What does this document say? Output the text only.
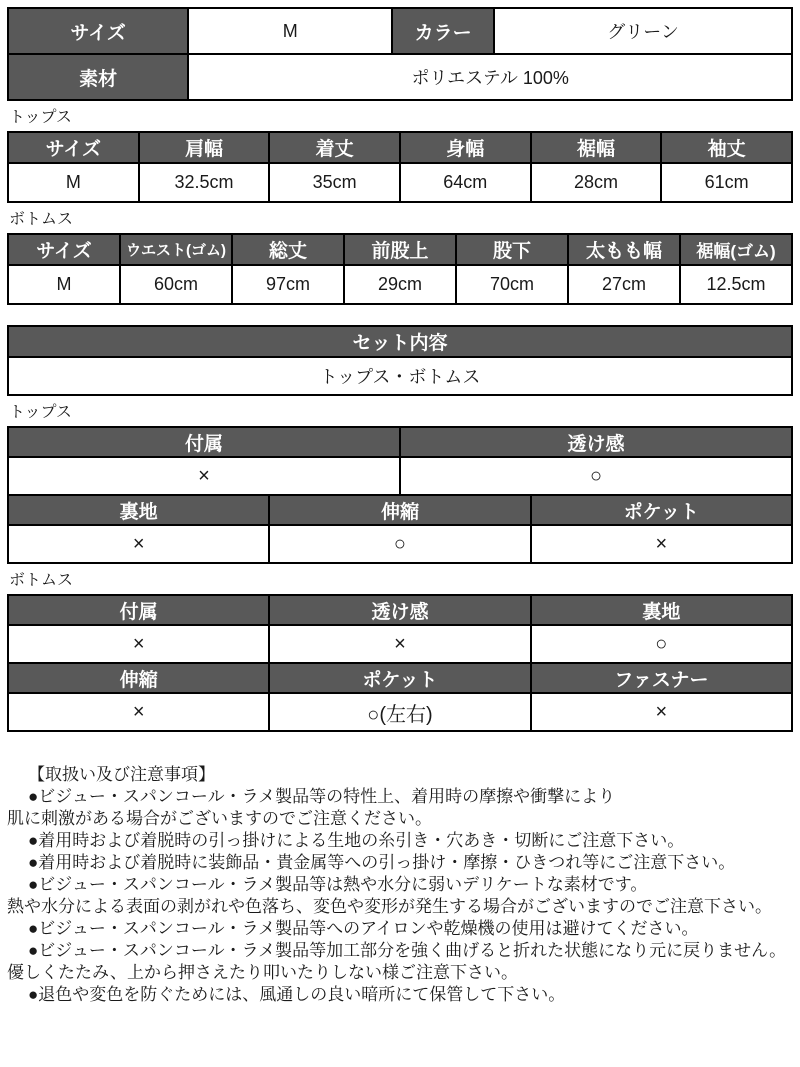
サイズ	M	カラー	グリーン
素材	ポリエステル 100%		
トップス
サイズ	肩幅	着丈	身幅	裾幅	袖丈
M	32.5cm	35cm	64cm	28cm	61cm
ボトムス
サイズ	ウエスト(ゴム)	総丈	前股上	股下	太もも幅	裾幅(ゴム)
M	60cm	97cm	29cm	70cm	27cm	12.5cm
セット内容
トップス・ボトムス
トップス
付属		透け感	
×		○	
裏地	伸縮		ポケット
×	○		×
ボトムス
付属	透け感	裏地
×	×	○
伸縮	ポケット	ファスナー
×	○(左右)	×
【取扱い及び注意事項】
●ビジュー・スパンコール・ラメ製品等の特性上、着用時の摩擦や衝撃により
肌に刺激がある場合がございますのでご注意ください。
●着用時および着脱時の引っ掛けによる生地の糸引き・穴あき・切断にご注意下さい。
●着用時および着脱時に装飾品・貴金属等への引っ掛け・摩擦・ひきつれ等にご注意下さい。
●ビジュー・スパンコール・ラメ製品等は熱や水分に弱いデリケートな素材です。
熱や水分による表面の剥がれや色落ち、変色や変形が発生する場合がございますのでご注意下さい。
●ビジュー・スパンコール・ラメ製品等へのアイロンや乾燥機の使用は避けてください。
●ビジュー・スパンコール・ラメ製品等加工部分を強く曲げると折れた状態になり元に戻りません。
優しくたたみ、上から押さえたり叩いたりしない様ご注意下さい。
●退色や変色を防ぐためには、風通しの良い暗所にて保管して下さい。
